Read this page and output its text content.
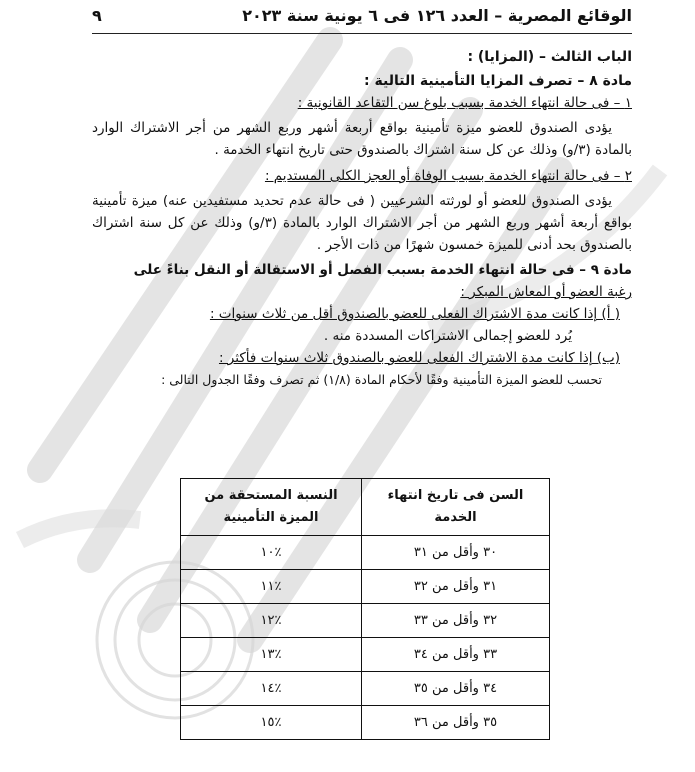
الوقائع المصرية – العدد ١٢٦ فى ٦ يونية سنة ٢٠٢٣
٩

الباب الثالث – (المزايا) :

مادة ٨ – تصرف المزايا التأمينية التالية :

١ – فى حالة انتهاء الخدمة بسبب بلوغ سن التقاعد القانونية :

يؤدى الصندوق للعضو ميزة تأمينية بواقع أربعة أشهر وربع الشهر من أجر الاشتراك الوارد بالمادة (٣/و) وذلك عن كل سنة اشتراك بالصندوق حتى تاريخ انتهاء الخدمة .

٢ – فى حالة انتهاء الخدمة بسبب الوفاة أو العجز الكلى المستديم :

يؤدى الصندوق للعضو أو لورثته الشرعيين ( فى حالة عدم تحديد مستفيدين عنه) ميزة تأمينية بواقع أربعة أشهر وربع الشهر من أجر الاشتراك الوارد بالمادة (٣/و) وذلك عن كل سنة اشتراك بالصندوق بحد أدنى للميزة خمسون شهرًا من ذات الأجر .

مادة ٩ – فى حالة انتهاء الخدمة بسبب الفصل أو الاستقالة أو النقل بناءً على

رغبة العضو أو المعاش المبكر :

( أ) إذا كانت مدة الاشتراك الفعلى للعضو بالصندوق أقل من ثلاث سنوات :

يُرد للعضو إجمالى الاشتراكات المسددة منه .

(ب) إذا كانت مدة الاشتراك الفعلى للعضو بالصندوق ثلاث سنوات فأكثر :

تحسب للعضو الميزة التأمينية وفقًا لأحكام المادة (١/٨) ثم تصرف وفقًا الجدول التالى :

السن فى تاريخ انتهاء الخدمة	النسبة المستحقة من الميزة التأمينية
٣٠ وأقل من ٣١	٪١٠
٣١ وأقل من ٣٢	٪١١
٣٢ وأقل من ٣٣	٪١٢
٣٣ وأقل من ٣٤	٪١٣
٣٤ وأقل من ٣٥	٪١٤
٣٥ وأقل من ٣٦	٪١٥
